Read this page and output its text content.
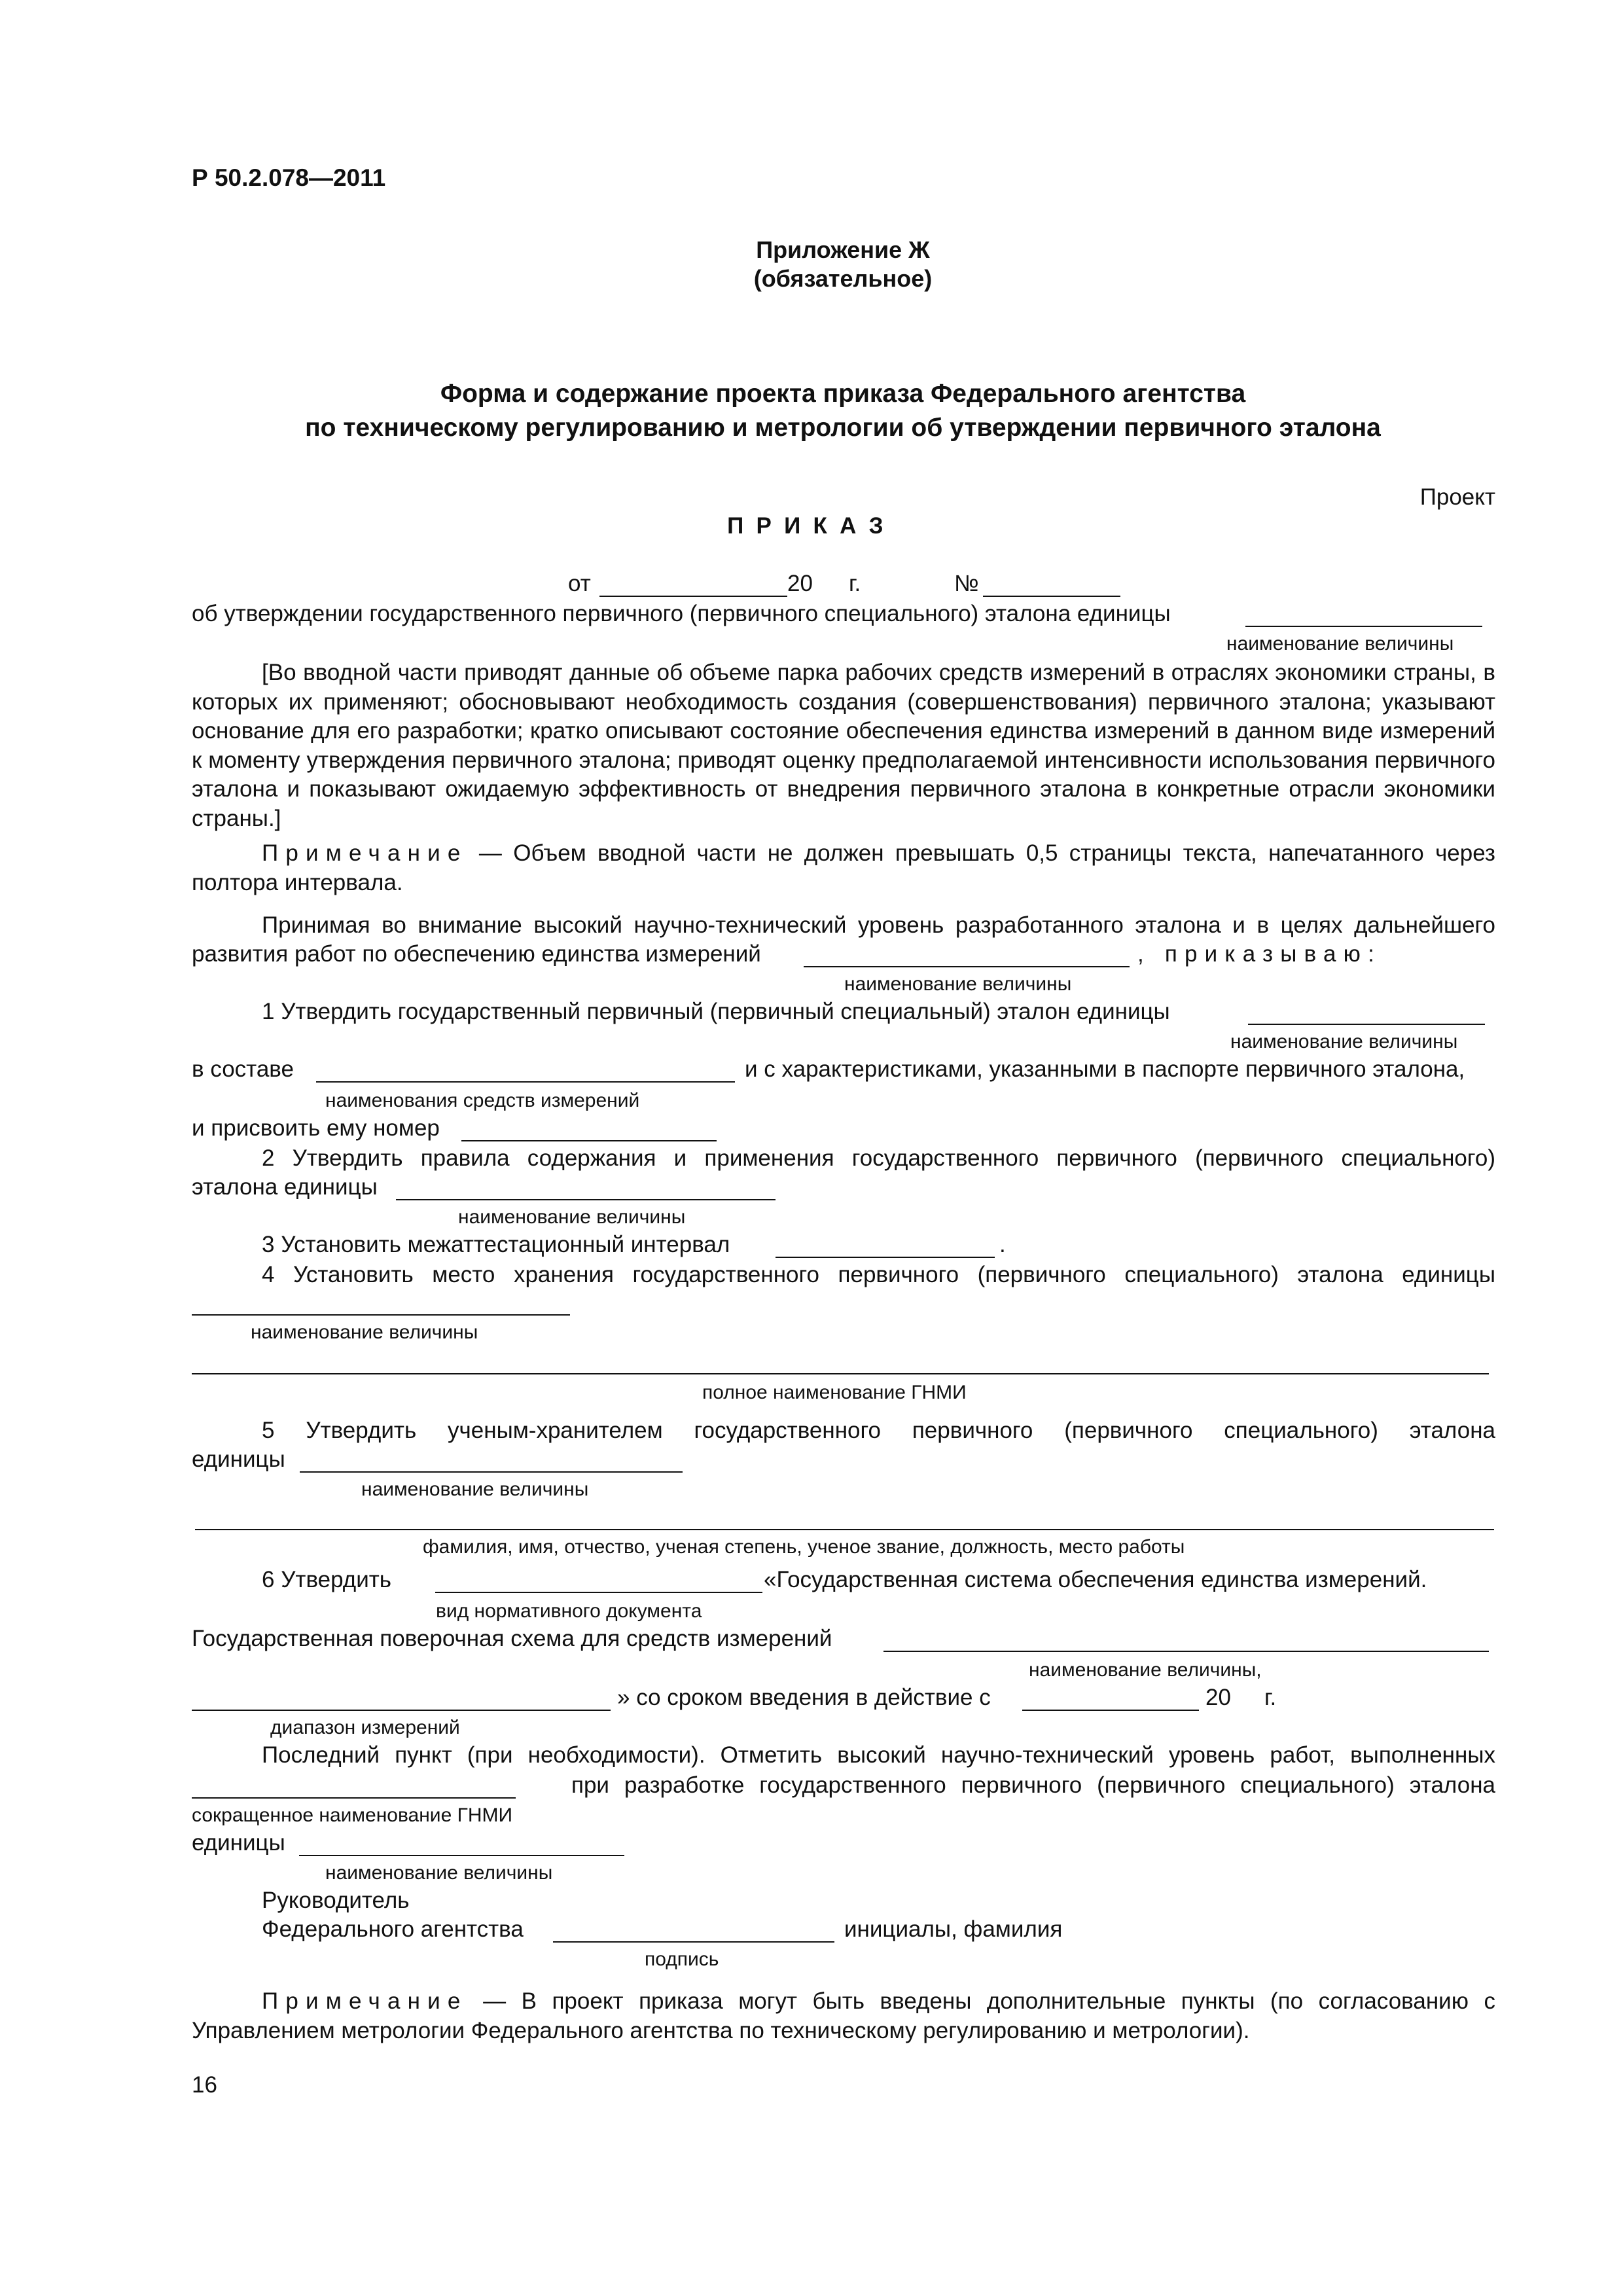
Р 50.2.078—2011
Приложение Ж
(обязательное)
Форма и содержание проекта приказа Федерального агентства
по техническому регулированию и метрологии об утверждении первичного эталона
Проект
ПРИКАЗ
от	20 г.	№
об утверждении государственного первичного (первичного специального) эталона единицы
наименование величины
[Во вводной части приводят данные об объеме парка рабочих средств измерений в отраслях экономики страны, в которых их применяют; обосновывают необходимость создания (совершенствования) первичного эталона; указывают основание для его разработки; кратко описывают состояние обеспечения единства измерений в данном виде измерений к моменту утверждения первичного эталона; приводят оценку предполагаемой интенсивности использования первичного эталона и показывают ожидаемую эффективность от внедрения первичного эталона в конкретные отрасли экономики страны.]
Примечание — Объем вводной части не должен превышать 0,5 страницы текста, напечатанного через полтора интервала.
Принимая во внимание высокий научно-технический уровень разработанного эталона и в целях дальнейшего
развития работ по обеспечению единства измерений	, приказываю:
наименование величины
1 Утвердить государственный первичный (первичный специальный) эталон единицы
наименование величины
в составе	и с характеристиками, указанными в паспорте первичного эталона,
наименования средств измерений
и присвоить ему номер
2 Утвердить правила содержания и применения государственного первичного (первичного специального)
эталона единицы
наименование величины
3 Установить межаттестационный интервал	.
4 Установить место хранения государственного первичного (первичного специального) эталона единицы
наименование величины
полное наименование ГНМИ
5 Утвердить ученым-хранителем государственного первичного (первичного специального) эталона
единицы
наименование величины
фамилия, имя, отчество, ученая степень, ученое звание, должность, место работы
6 Утвердить	«Государственная система обеспечения единства измерений.
вид нормативного документа
Государственная поверочная схема для средств измерений
наименование величины,
» со сроком введения в действие с	20 г.
диапазон измерений
Последний пункт (при необходимости). Отметить высокий научно-технический уровень работ, выполненных
при разработке государственного первичного (первичного специального) эталона
сокращенное наименование ГНМИ
единицы
наименование величины
Руководитель
Федерального агентства	инициалы, фамилия
подпись
Примечание — В проект приказа могут быть введены дополнительные пункты (по согласованию с Управлением метрологии Федерального агентства по техническому регулированию и метрологии).
16
